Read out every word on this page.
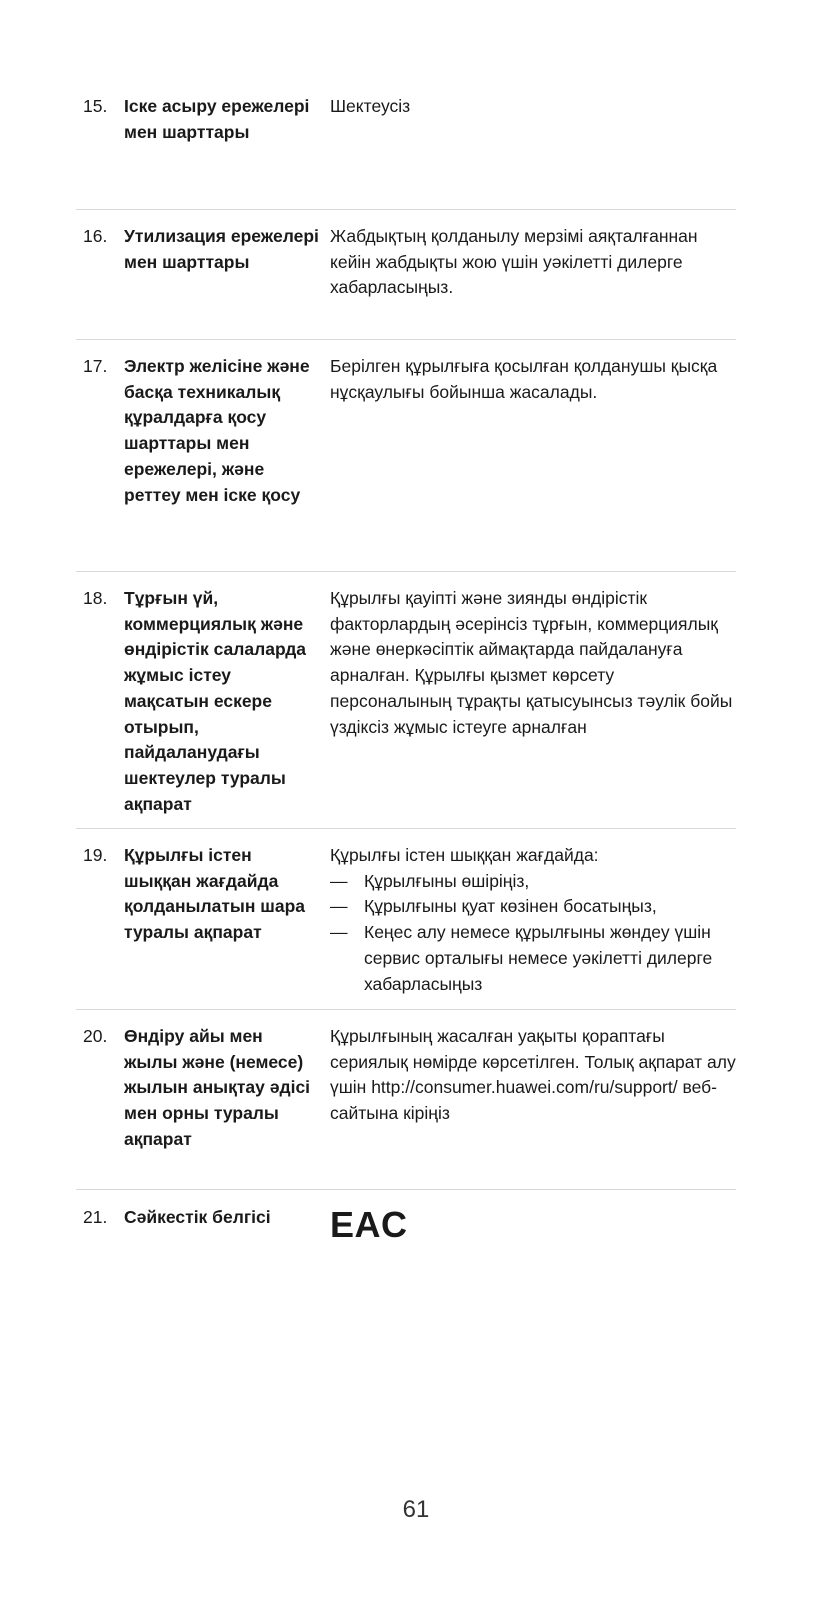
15. Іске асыру ережелері мен шарттары
Шектеусіз
16. Утилизация ережелері мен шарттары
Жабдықтың қолданылу мерзімі аяқталғаннан кейін жабдықты жою үшін уәкілетті дилерге хабарласыңыз.
17. Электр желісіне және басқа техникалық құралдарға қосу шарттары мен ережелері, және реттеу мен іске қосу
Берілген құрылғыға қосылған қолданушы қысқа нұсқаулығы бойынша жасалады.
18. Тұрғын үй, коммерциялық және өндірістік салаларда жұмыс істеу мақсатын ескере отырып, пайдаланудағы шектеулер туралы ақпарат
Құрылғы қауіпті және зиянды өндірістік факторлардың әсерінсіз тұрғын, коммерциялық және өнеркәсіптік аймақтарда пайдалануға арналған. Құрылғы қызмет көрсету персоналының тұрақты қатысуынсыз тәулік бойы үздіксіз жұмыс істеуге арналған
19. Құрылғы істен шыққан жағдайда қолданылатын шара туралы ақпарат
Құрылғы істен шыққан жағдайда:
— Құрылғыны өшіріңіз,
— Құрылғыны қуат көзінен босатыңыз,
— Кеңес алу немесе құрылғыны жөндеу үшін сервис орталығы немесе уәкілетті дилерге хабарласыңыз
20. Өндіру айы мен жылы және (немесе) жылын анықтау әдісі мен орны туралы ақпарат
Құрылғының жасалған уақыты қораптағы сериялық нөмірде көрсетілген. Толық ақпарат алу үшін http://consumer.huawei.com/ru/support/ веб-сайтына кіріңіз
21. Сәйкестік белгісі	EAC
61
